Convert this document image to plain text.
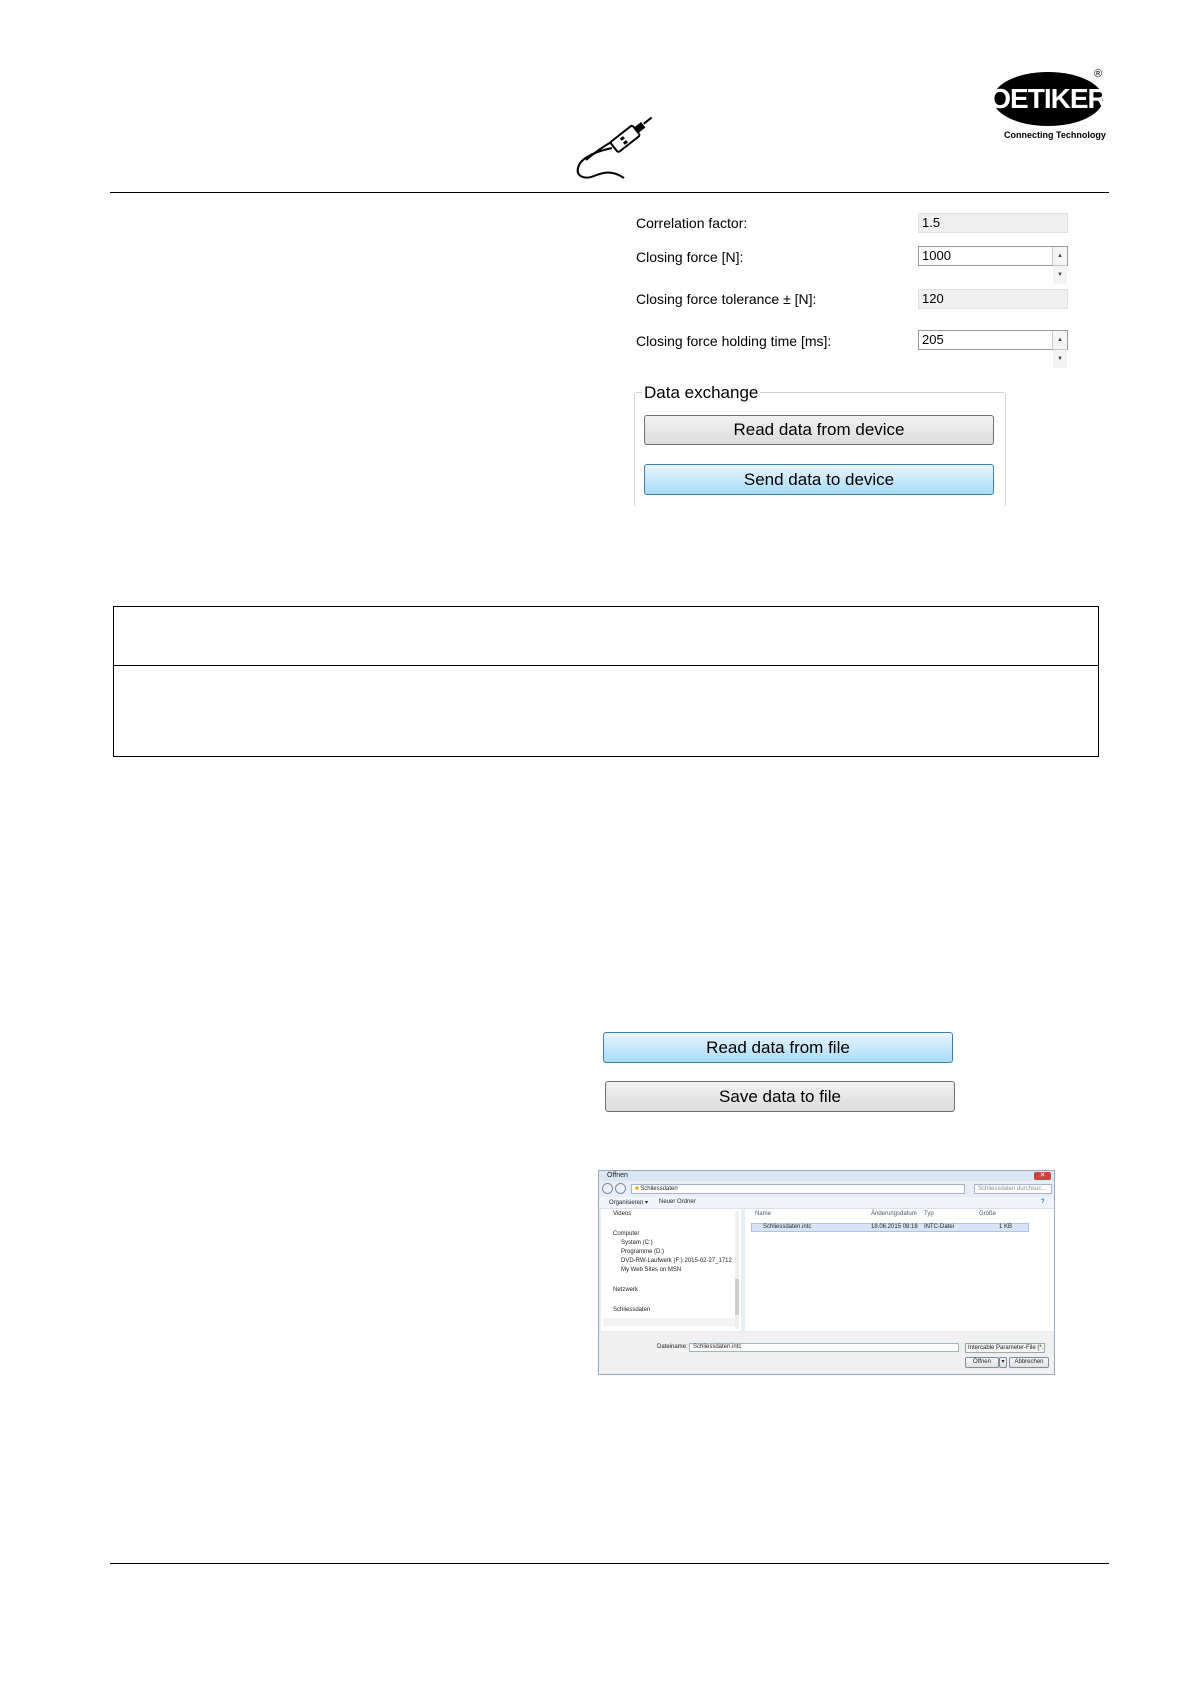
OETIKER
®
Connecting Technology
Correlation factor:	1.5
Closing force [N]:	1000	▲
▼
Closing force tolerance ± [N]:	120
Closing force holding time [ms]:	205	▲
▼
Data exchange
Read data from device
Send data to device
Read data from file
Save data to file
Öffnen	✕
■ Schliessdaten	Schliessdaten durchsuc...
Organisieren ▾ Neuer Ordner	?
Videos
Computer
System (C:)
Programme (D:)
DVD-RW-Laufwerk (F:) 2015-02-27_1712
My Web Sites on MSN
Netzwerk
Schliessdaten
Name	Änderungsdatum Typ	Größe
Schliessdaten.intc	18.06.2015 08:18 INTC-Datei	1 KB
Dateiname: Schliessdaten.intc	Intercable Parameter-File (*.
Öffnen	▾	Abbrechen
